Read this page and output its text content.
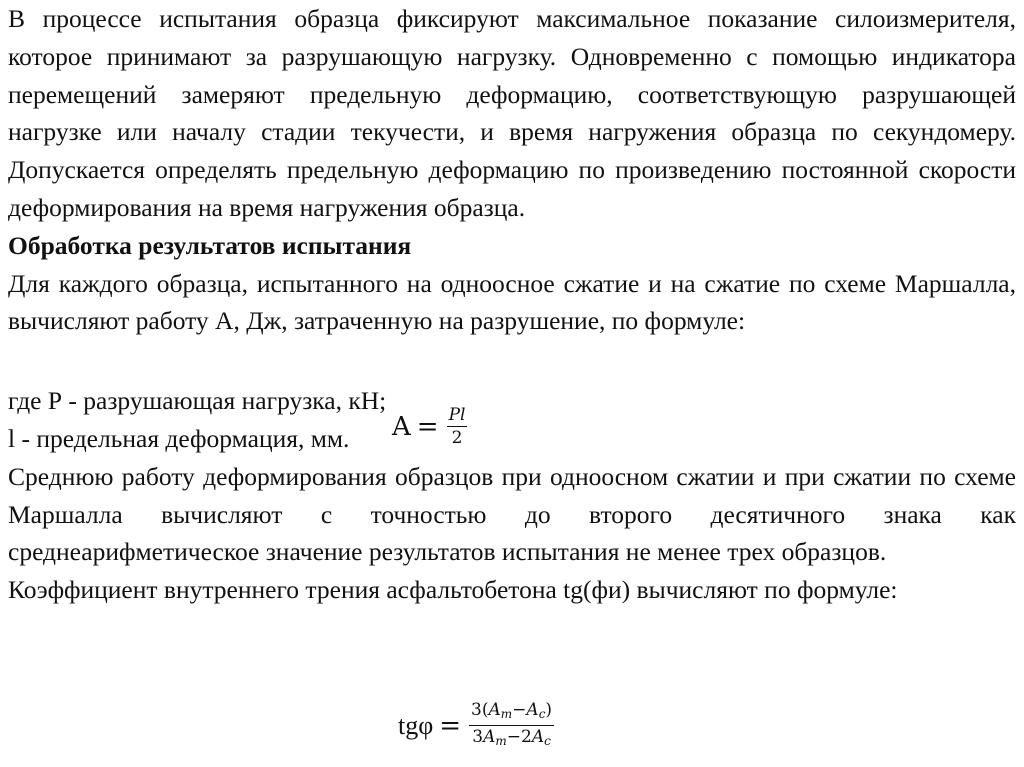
В процессе испытания образца фиксируют максимальное показание силоизмерителя, которое принимают за разрушающую нагрузку. Одновременно с помощью индикатора перемещений замеряют предельную деформацию, соответствующую разрушающей нагрузке или началу стадии текучести, и время нагружения образца по секундомеру. Допускается определять предельную деформацию по произведению постоянной скорости деформирования на время нагружения образца.

Обработка результатов испытания

Для каждого образца, испытанного на одноосное сжатие и на сжатие по схеме Маршалла, вычисляют работу А, Дж, затраченную на разрушение, по формуле:

где Р - разрушающая нагрузка, кН;

l - предельная деформация, мм.

Среднюю работу деформирования образцов при одноосном сжатии и при сжатии по схеме Маршалла вычисляют с точностью до второго десятичного знака как среднеарифметическое значение результатов испытания не менее трех образцов.

Коэффициент внутреннего трения асфальтобетона tg(фи) вычисляют по формуле:

$A = \frac{Pl}{2}$
$tg\varphi = \frac{3(A_m-A_c)}{3A_m-2A_c}$
